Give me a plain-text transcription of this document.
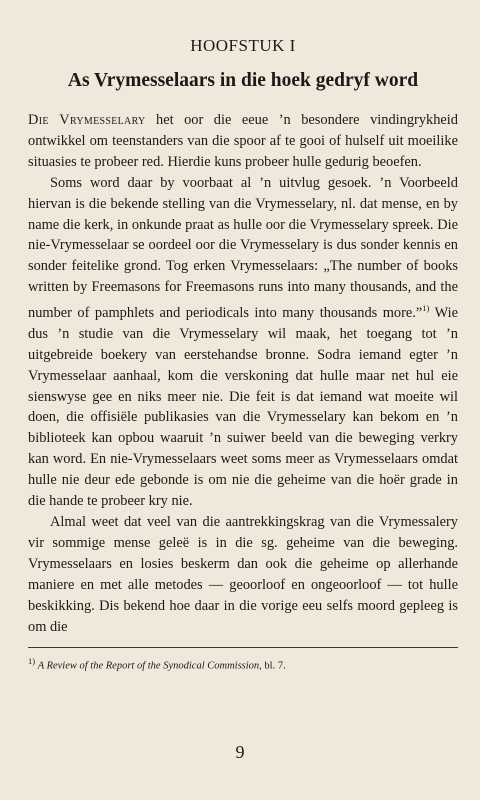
HOOFSTUK I
As Vrymesselaars in die hoek gedryf word

Die Vrymesselary het oor die eeue ’n besondere vindingrykheid ontwikkel om teenstanders van die spoor af te gooi of hulself uit moeilike situasies te probeer red. Hierdie kuns probeer hulle gedurig beoefen.

Soms word daar by voorbaat al ’n uitvlug gesoek. ’n Voorbeeld hiervan is die bekende stelling van die Vrymesselary, nl. dat mense, en by name die kerk, in onkunde praat as hulle oor die Vrymesselary spreek. Die nie-Vrymesselaar se oordeel oor die Vrymesselary is dus sonder kennis en sonder feitelike grond. Tog erken Vrymesselaars: „The number of books written by Freemasons for Freemasons runs into many thousands, and the number of pamphlets and periodicals into many thousands more.”$^{1)}$ Wie dus ’n studie van die Vrymesselary wil maak, het toegang tot ’n uitgebreide boekery van eerstehandse bronne. Sodra iemand egter ’n Vrymesselaar aanhaal, kom die verskoning dat hulle maar net hul eie sienswyse gee en niks meer nie. Die feit is dat iemand wat moeite wil doen, die offisiële publikasies van die Vrymesselary kan bekom en ’n biblioteek kan opbou waaruit ’n suiwer beeld van die beweging verkry kan word. En nie-Vrymesselaars weet soms meer as Vrymesselaars omdat hulle nie deur ede gebonde is om nie die geheime van die hoër grade in die hande te probeer kry nie.

Almal weet dat veel van die aantrekkingskrag van die Vrymessalery vir sommige mense geleë is in die sg. geheime van die beweging. Vrymesselaars en losies beskerm dan ook die geheime op allerhande maniere en met alle metodes — geoorloof en ongeoorloof — tot hulle beskikking. Dis bekend hoe daar in die vorige eeu selfs moord gepleeg is om die

$^{1)}$ A Review of the Report of the Synodical Commission, bl. 7.

9
